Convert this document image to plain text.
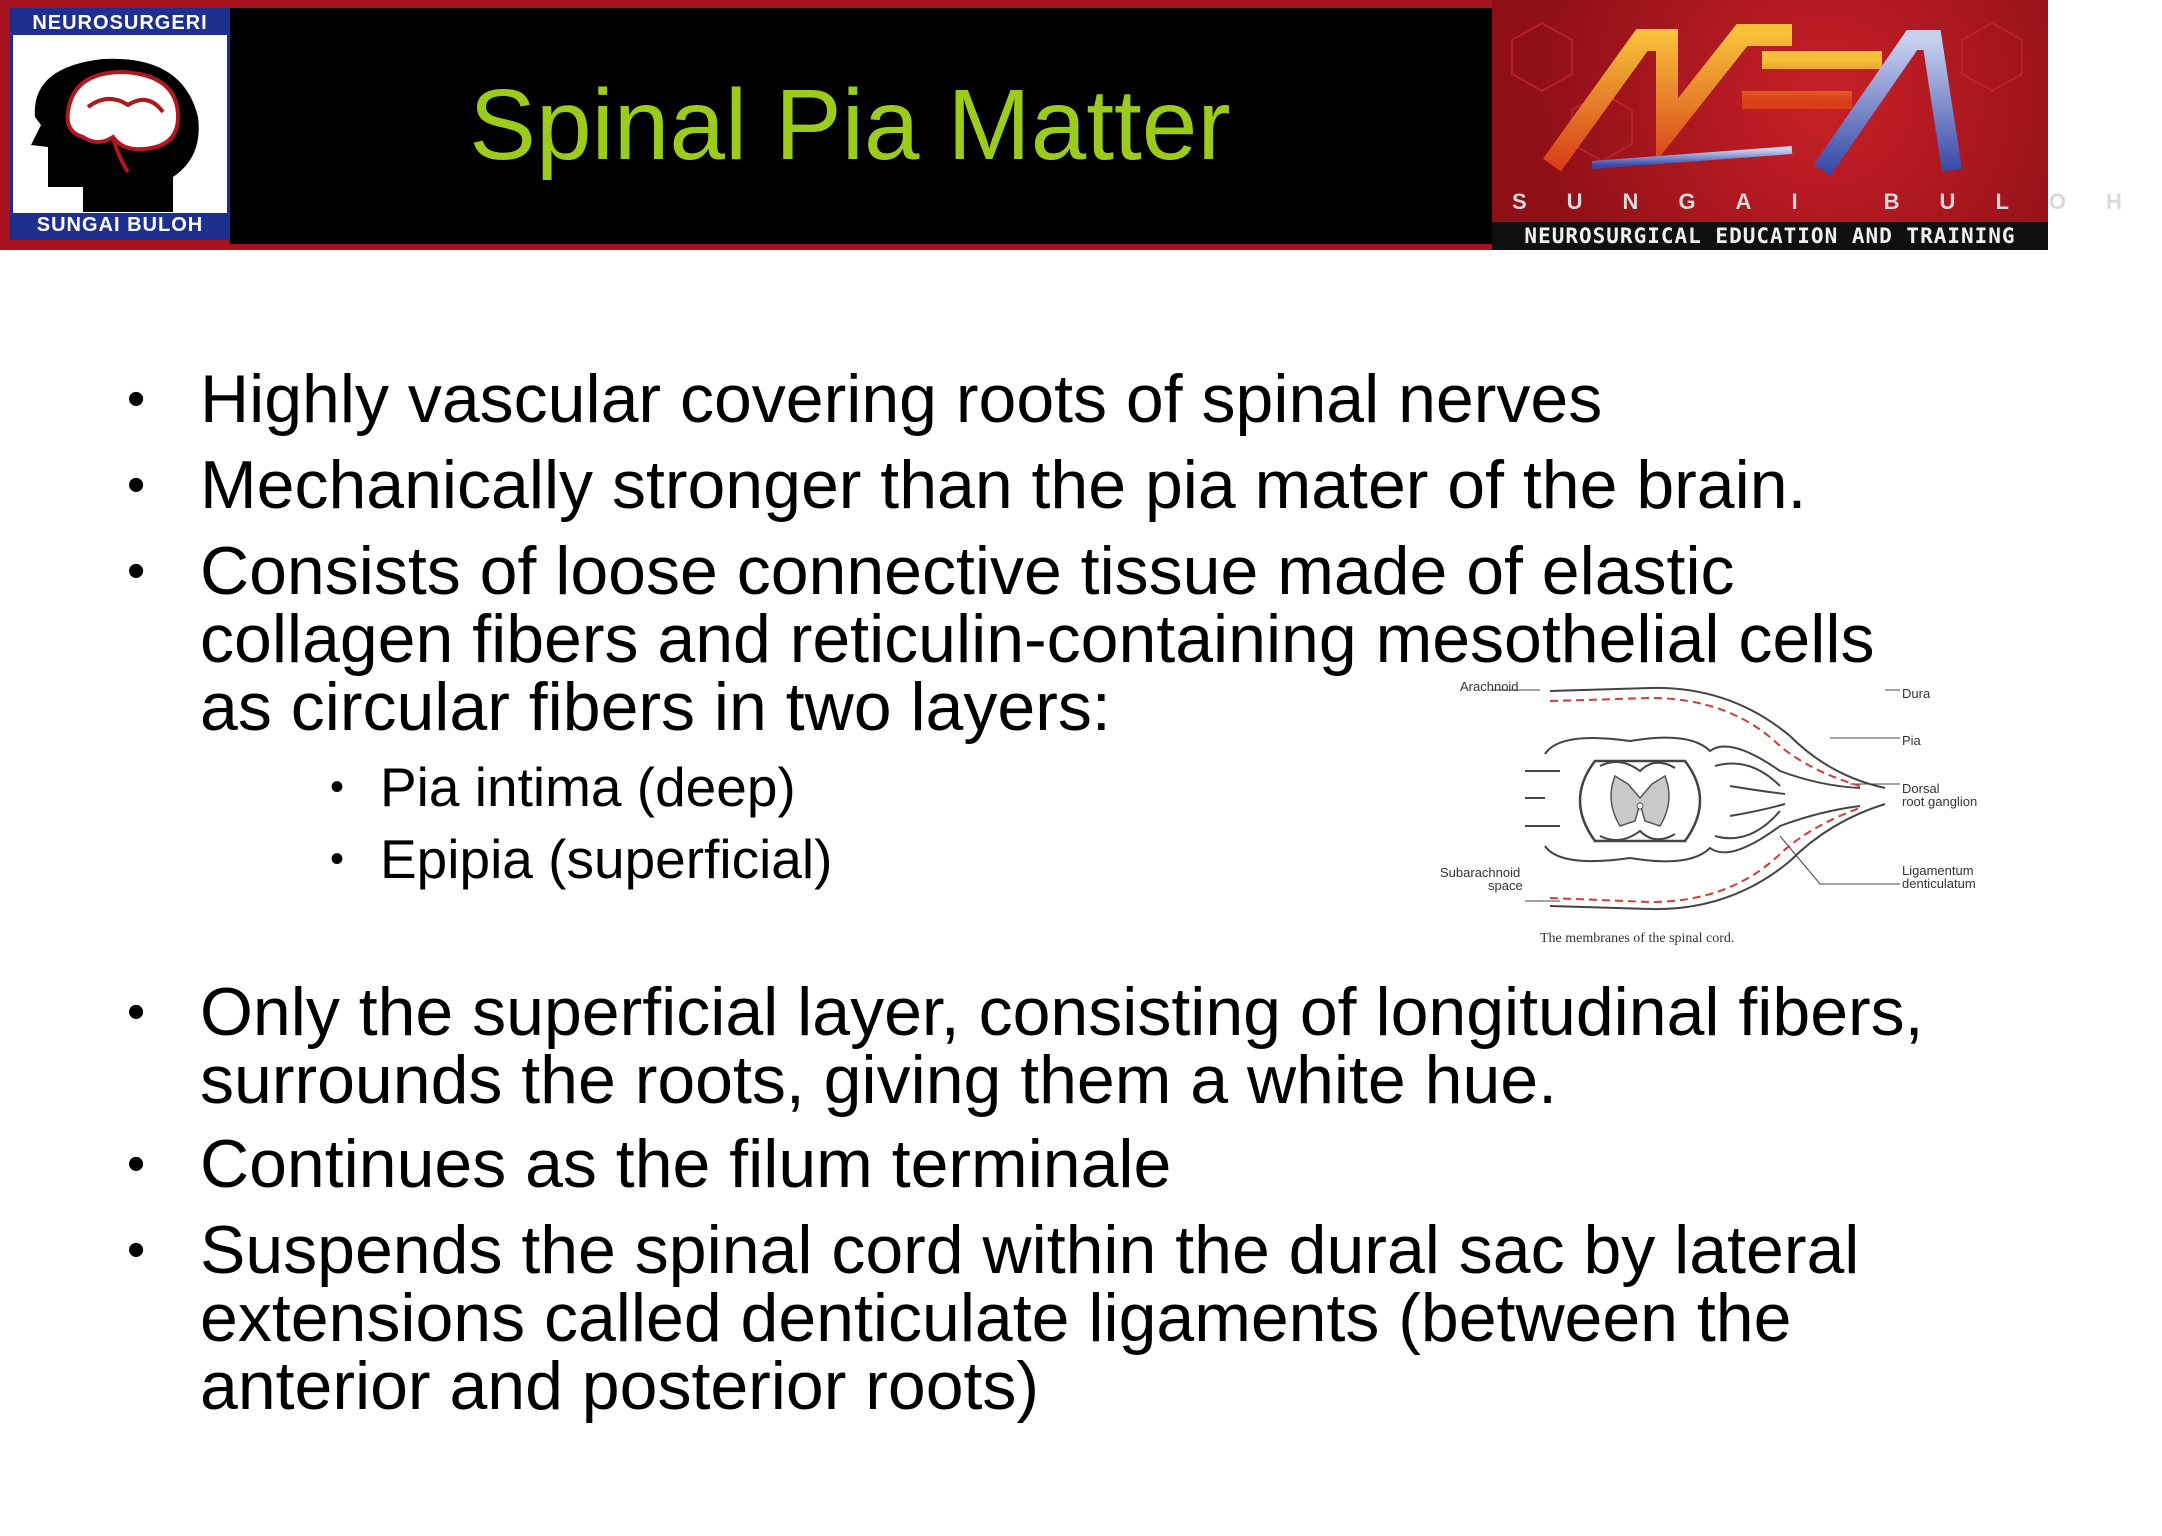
NEUROSURGERI
SUNGAI BULOH
Spinal Pia Matter
SUNGAI BULOH
NEUROSURGICAL EDUCATION AND TRAINING
• Highly vascular covering roots of spinal nerves
• Mechanically stronger than the pia mater of the brain.
• Consists of loose connective tissue made of elastic
collagen fibers and reticulin-containing mesothelial cells
as circular fibers in two layers:
• Pia intima (deep)
• Epipia (superficial)
• Only the superficial layer, consisting of longitudinal fibers,
surrounds the roots, giving them a white hue.
• Continues as the filum terminale
• Suspends the spinal cord within the dural sac by lateral
extensions called denticulate ligaments (between the
anterior and posterior roots)
Arachnoid	Dura
Pia
Dorsal
root ganglion
Subarachnoid
space
Ligamentum
denticulatum
The membranes of the spinal cord.
